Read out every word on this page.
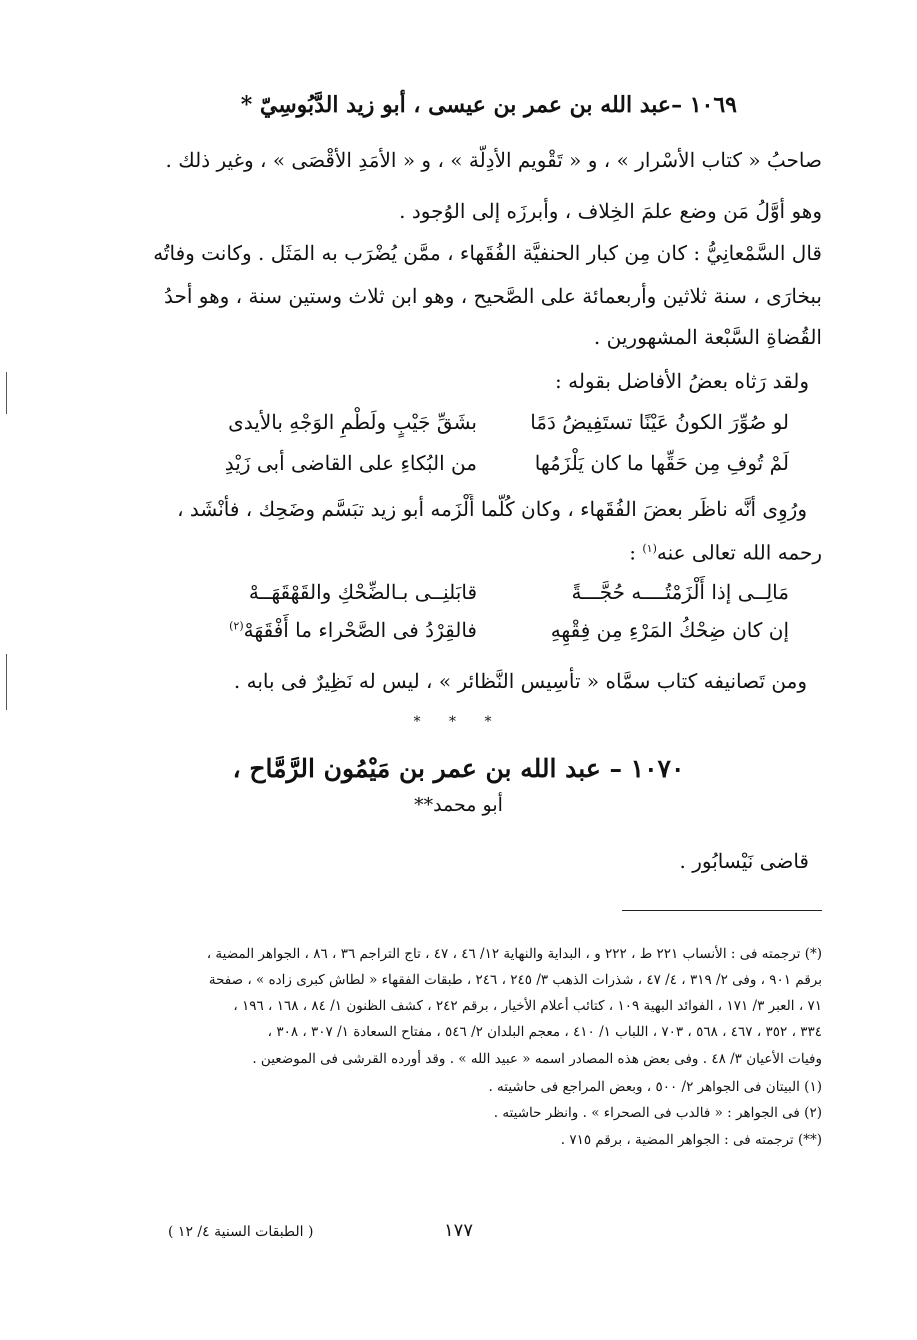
١٠٦٩ –عبد الله بن عمر بن عيسى ، أبو زيد الدَّبُوسِيّ *
صاحبُ « كتاب الأسْرار » ، و « تَقْويم الأدِلَّة » ، و « الأمَدِ الأقْصَى » ، وغير ذلك .
وهو أوَّلُ مَن وضع علمَ الخِلاف ، وأبرزَه إلى الوُجود .
قال السَّمْعانِيُّ : كان مِن كبار الحنفيَّة الفُقَهاء ، ممَّن يُضْرَب به المَثَل . وكانت وفاتُه
ببخارَى ، سنة ثلاثين وأربعمائة على الصَّحيح ، وهو ابن ثلاث وستين سنة ، وهو أحدُ
القُضاةِ السَّبْعة المشهورين .
ولقد رَثاه بعضُ الأفاضل بقوله :
لو صُوِّرَ الكونُ عَيْنًا تستَفِيضُ دَمًا
بشَقِّ جَيْبٍ ولَطْمِ الوَجْهِ بالأيدى
لَمْ تُوفِ مِن حَقِّها ما كان يَلْزَمُها
من البُكاءِ على القاضى أبى زَيْدِ
ورُوِى أنَّه ناظَر بعضَ الفُقَهاء ، وكان كُلَّما أَلْزَمه أبو زيد تبَسَّم وضَحِك ، فأنْشَد ،
رحمه الله تعالى عنه$^{(١)}$ :
مَالِــى إذا أَلْزَمْتُــــه حُجَّـــةً
قابَلنِــى بـالضِّحْكِ والقَهْقَهَــهْ
إن كان ضِحْكُ المَرْءِ مِن فِقْهِهِ
فالقِرْدُ فى الصَّحْراء ما أَفْقَهَهْ$^{(٢)}$
ومن تَصانيفه كتاب سمَّاه « تأْسِيس النَّظائر » ، ليس له نَظِيرٌ فى بابه .
* * *
١٠٧٠ – عبد الله بن عمر بن مَيْمُون الرَّمَّاح ،
أبو محمد**
قاضى نَيْسابُور .
(*) ترجمته فى : الأنساب ٢٢١ ط ، ٢٢٢ و ، البداية والنهاية ١٢/ ٤٦ ، ٤٧ ، تاج التراجم ٣٦ ، ٨٦ ، الجواهر المضية ،
برقم ٩٠١ ، وفى ٢/ ٣١٩ ، ٤/ ٤٧ ، شذرات الذهب ٣/ ٢٤٥ ، ٢٤٦ ، طبقات الفقهاء « لطاش كبرى زاده » ، صفحة
٧١ ، العبر ٣/ ١٧١ ، الفوائد البهية ١٠٩ ، كتائب أعلام الأخيار ، برقم ٢٤٢ ، كشف الظنون ١/ ٨٤ ، ١٦٨ ، ١٩٦ ،
٣٣٤ ، ٣٥٢ ، ٤٦٧ ، ٥٦٨ ، ٧٠٣ ، اللباب ١/ ٤١٠ ، معجم البلدان ٢/ ٥٤٦ ، مفتاح السعادة ١/ ٣٠٧ ، ٣٠٨ ،
وفيات الأعيان ٣/ ٤٨ . وفى بعض هذه المصادر اسمه « عبيد الله » . وقد أورده القرشى فى الموضعين .
(١) البيتان فى الجواهر ٢/ ٥٠٠ ، وبعض المراجع فى حاشيته .
(٢) فى الجواهر : « فالدب فى الصحراء » . وانظر حاشيته .
(**) ترجمته فى : الجواهر المضية ، برقم ٧١٥ .
١٧٧
( الطبقات السنية ٤/ ١٢ )
